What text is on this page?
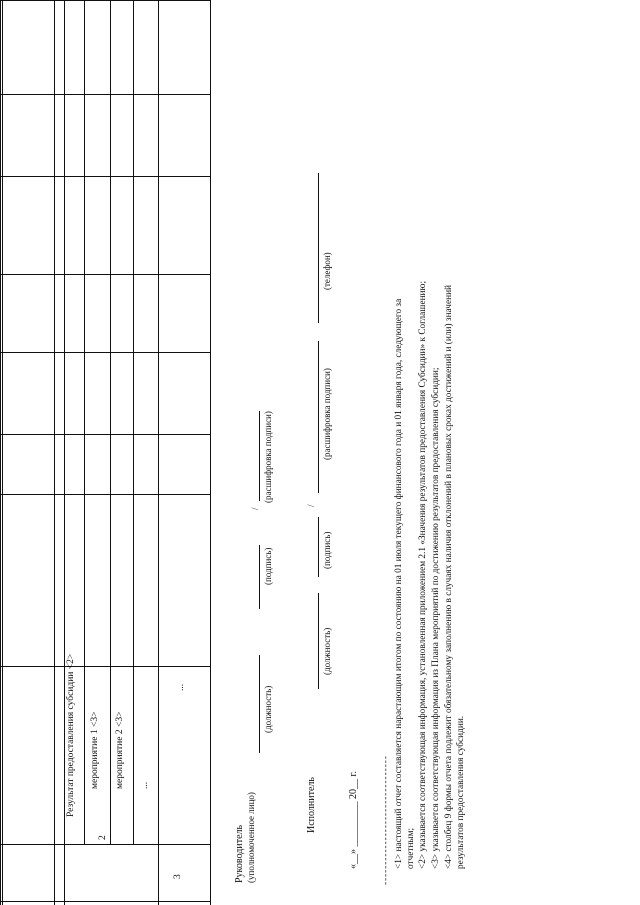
2
3
Результат предоставления субсидии <2> мероприятие 1 <3> мероприятие 2 <3> ...
...
Руководитель (уполномоченное лицо)
(должность)
(подпись)
/
(расшифровка подписи)
Исполнитель
(должность)
(подпись)
/
(расшифровка подписи)
(телефон)
«__» _________ 20__ г. -------------------------------- <1> настоящий отчет составляется нарастающим итогом по состоянию на 01 июля текущего финансового года и 01 января года, следующего за отчетным; <2> указывается соответствующая информация, установленная приложением 2.1 «Значения результатов предоставления Субсидии» к Соглашению; <3> указывается соответствующая информация из Плана мероприятий по достижению результатов предоставления субсидии; <4> столбец 9 формы отчета подлежит обязательному заполнению в случаях наличия отклонений в плановых сроках достижений и (или) значений результатов предоставления субсидии.
